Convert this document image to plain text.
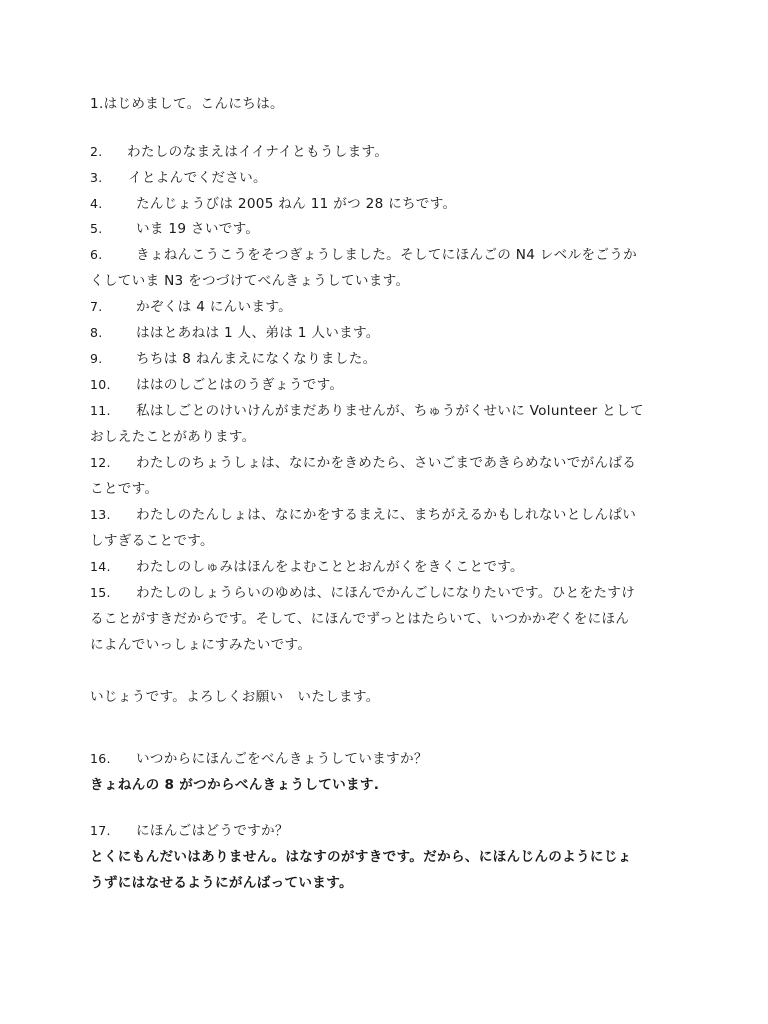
1.はじめまして。こんにちは。
2. わたしのなまえはイイナイともうします。
3. イとよんでください。
4. たんじょうびは 2005 ねん 11 がつ 28 にちです。
5. いま 19 さいです。
6. きょねんこうこうをそつぎょうしました。そしてにほんごの N4 レベルをごうか
くしていま N3 をつづけてべんきょうしています。
7. かぞくは 4 にんいます。
8. ははとあねは 1 人、弟は 1 人います。
9. ちちは 8 ねんまえになくなりました。
10. ははのしごとはのうぎょうです。
11. 私はしごとのけいけんがまだありませんが、ちゅうがくせいに Volunteer として
おしえたことがあります。
12. わたしのちょうしょは、なにかをきめたら、さいごまであきらめないでがんばる
ことです。
13. わたしのたんしょは、なにかをするまえに、まちがえるかもしれないとしんぱい
しすぎることです。
14. わたしのしゅみはほんをよむこととおんがくをきくことです。
15. わたしのしょうらいのゆめは、にほんでかんごしになりたいです。ひとをたすけ
ることがすきだからです。そして、にほんでずっとはたらいて、いつかかぞくをにほん
によんでいっしょにすみたいです。
いじょうです。よろしくお願い　いたします。
16. いつからにほんごをべんきょうしていますか？
きょねんの 8 がつからべんきょうしています.
17. にほんごはどうですか？
とくにもんだいはありません。はなすのがすきです。だから、にほんじんのようにじょ
うずにはなせるようにがんばっています。
